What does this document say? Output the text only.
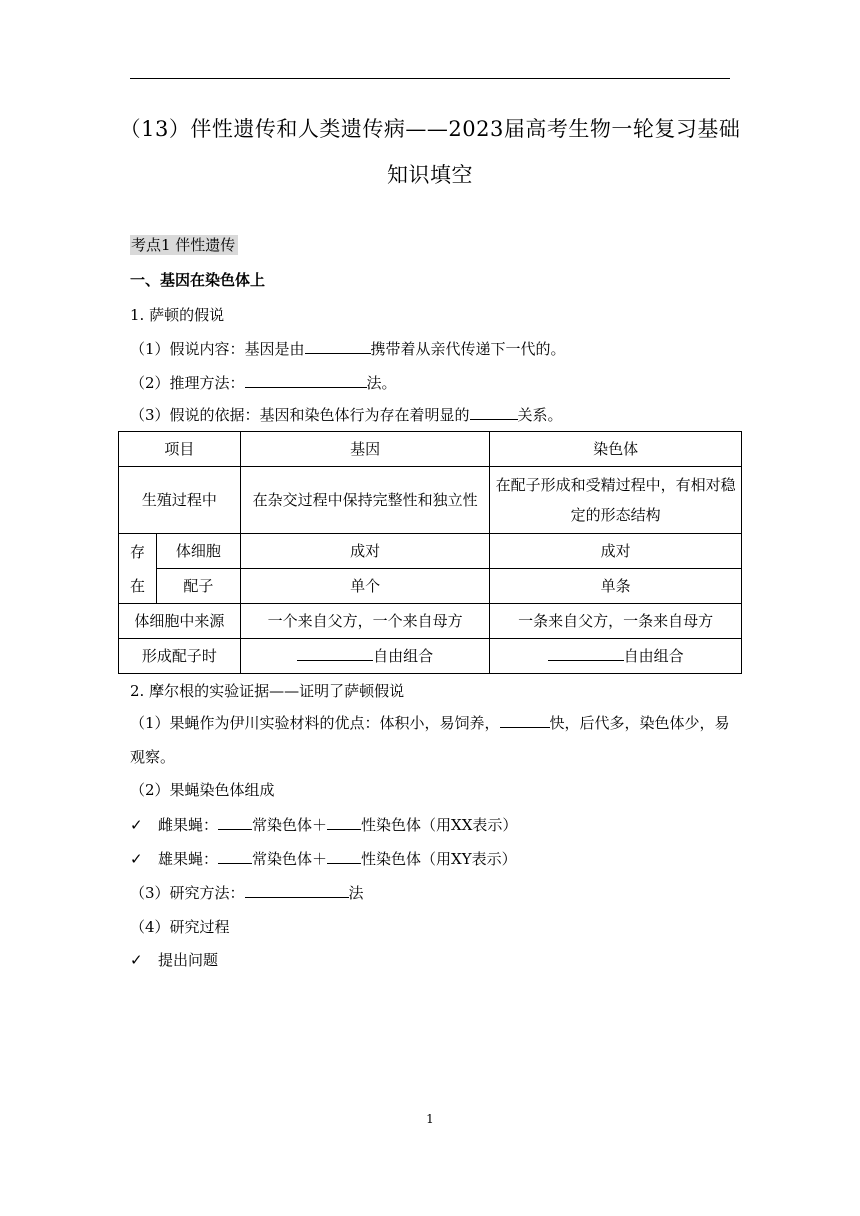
（13）伴性遗传和人类遗传病——2023届高考生物一轮复习基础知识填空
考点1 伴性遗传
一、基因在染色体上
1. 萨顿的假说
（1）假说内容：基因是由	携带着从亲代传递下一代的。
（2）推理方法：	法。
（3）假说的依据：基因和染色体行为存在着明显的	关系。
项目		基因	染色体
生殖过程中		在杂交过程中保持完整性和独立性	在配子形成和受精过程中，有相对稳定的形态结构
存在	体细胞	成对	成对
	配子	单个	单条
体细胞中来源		一个来自父方，一个来自母方	一条来自父方，一条来自母方
形成配子时		自由组合	自由组合
2. 摩尔根的实验证据——证明了萨顿假说
（1）果蝇作为伊川实验材料的优点：体积小，易饲养，	快，后代多，染色体少，易观察。
（2）果蝇染色体组成
✓ 雌果蝇： 常染色体＋ 性染色体（用XX表示）
✓ 雄果蝇： 常染色体＋ 性染色体（用XY表示）
（3）研究方法：	法
（4）研究过程
✓ 提出问题
1
